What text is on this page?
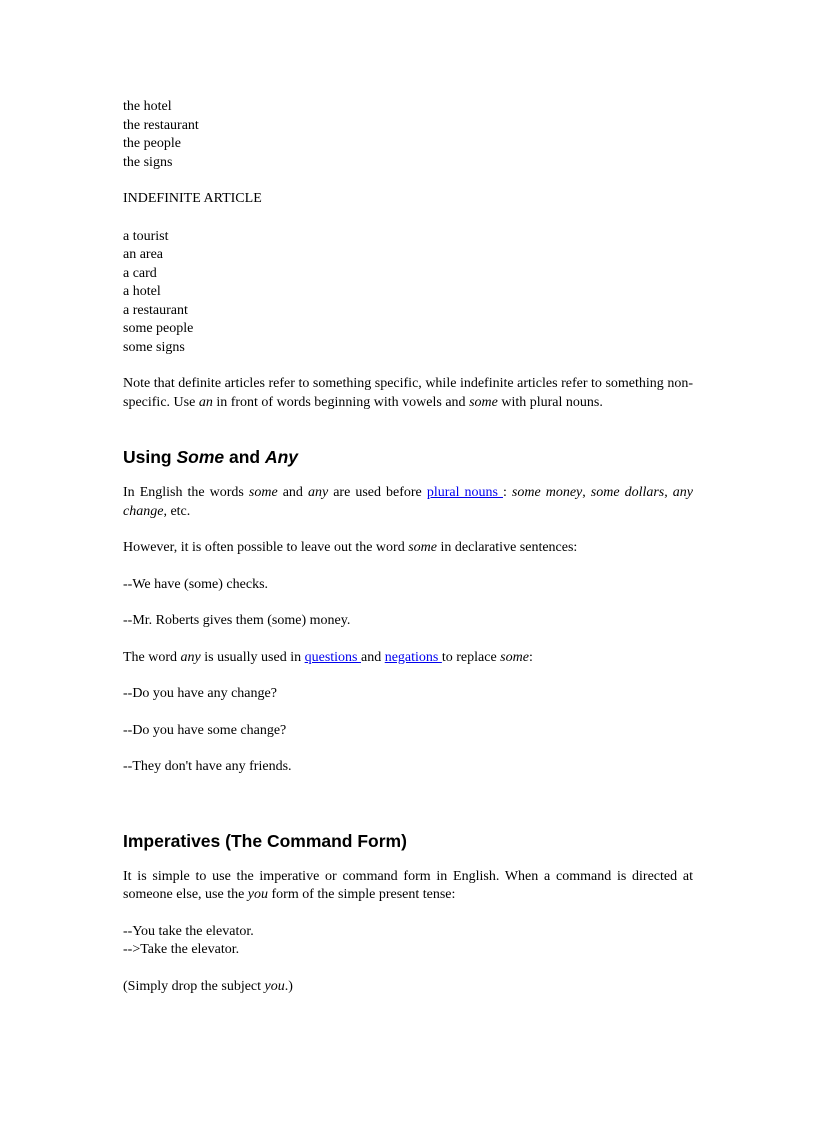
the hotel
the restaurant
the people
the signs
INDEFINITE ARTICLE
a tourist
an area
a card
a hotel
a restaurant
some people
some signs

Note that definite articles refer to something specific, while indefinite articles refer to something non-specific. Use an in front of words beginning with vowels and some with plural nouns.

Using Some and Any

In English the words some and any are used before plural nouns : some money, some dollars, any change, etc.

However, it is often possible to leave out the word some in declarative sentences:

--We have (some) checks.
--Mr. Roberts gives them (some) money.

The word any is usually used in questions and negations to replace some:

--Do you have any change?
--Do you have some change?
--They don't have any friends.
Imperatives (The Command Form)

It is simple to use the imperative or command form in English. When a command is directed at someone else, use the you form of the simple present tense:

--You take the elevator.
-->Take the elevator.

(Simply drop the subject you.)
